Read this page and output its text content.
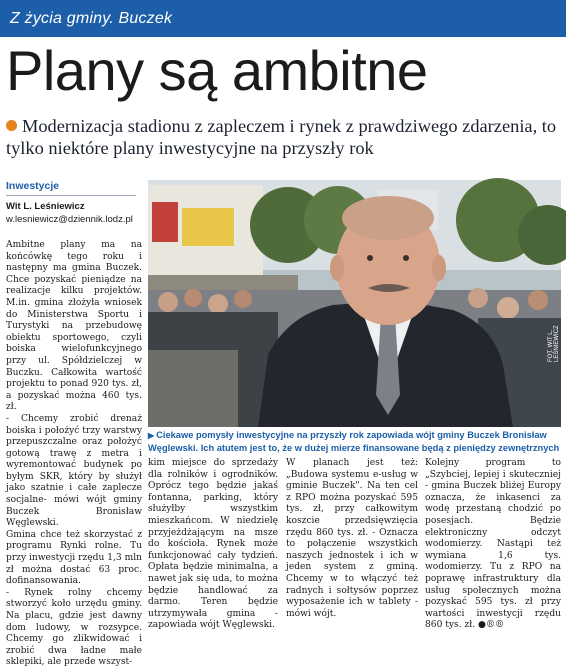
Z życia gminy. Buczek
Plany są ambitne
Modernizacja stadionu z zapleczem i rynek z prawdziwego zdarzenia, to tylko niektóre plany inwestycyjne na przyszły rok
Inwestycje
Wit L. Leśniewicz
w.lesniewicz@dziennik.lodz.pl

Ambitne plany ma na końcówkę tego roku i następny ma gmina Buczek. Chce pozyskać pieniądze na realizacje kilku projektów. M.in. gmina złożyła wniosek do Ministerstwa Sportu i Turystyki na przebudowę obiektu sportowego, czyli boiska wielofunkcyjnego przy ul. Spółdzielczej w Buczku. Całkowita wartość projektu to ponad 920 tys. zł, a pozyskać można 460 tys. zł.

- Chcemy zrobić drenaż boiska i położyć trzy warstwy przepuszczalne oraz położyć gotową trawę z metra i wyremontować budynek po byłym SKR, który by służył jako szatnie i całe zaplecze socjalne- mówi wójt gminy Buczek Bronisław Węglewski.

Gmina chce też skorzystać z programu Rynki rolne. Tu przy inwestycji rzędu 1,3 mln zł można dostać 63 proc. dofinansowania.

- Rynek rolny chcemy stworzyć koło urzędu gminy. Na placu, gdzie jest dawny dom ludowy, w rozsypce. Chcemy go zlikwidować i zrobić dwa ładne małe sklepiki, ale przede wszyst-

FOT. WIT L. LEŚNIEWICZ
▶ Ciekawe pomysły inwestycyjne na przyszły rok zapowiada wójt gminy Buczek Bronisław Węglewski. Ich atutem jest to, że w dużej mierze finansowane będą z pieniędzy zewnętrznych

kim miejsce do sprzedaży dla rolników i ogrodników. Oprócz tego będzie jakaś fontanna, parking, który służyłby wszystkim mieszkańcom. W niedzielę przyjeżdżającym na msze do kościoła. Rynek może funkcjonować cały tydzień. Opłata będzie minimalna, a nawet jak się uda, to można będzie handlować za darmo. Teren będzie utrzymywała gmina - zapowiada wójt Węglewski.

W planach jest też: „Budowa systemu e-usług w gminie Buczek". Na ten cel z RPO można pozyskać 595 tys. zł, przy całkowitym koszcie przedsięwzięcia rzędu 860 tys. zł. - Oznacza to połączenie wszystkich naszych jednostek i ich w jeden system z gminą. Chcemy w to włączyć też radnych i sołtysów poprzez wyposażenie ich w tablety - mówi wójt.

Kolejny program to „Szybciej, lepiej i skuteczniej - gmina Buczek bliżej Europy oznacza, że inkasenci za wodę przestaną chodzić po posesjach. Będzie elektroniczny odczyt wodomierzy. Nastąpi też wymiana 1,6 tys. wodomierzy. Tu z RPO na poprawę infrastruktury dla usług społecznych można pozyskać 595 tys. zł przy wartości inwestycji rzędu 860 tys. zł. ●®®
